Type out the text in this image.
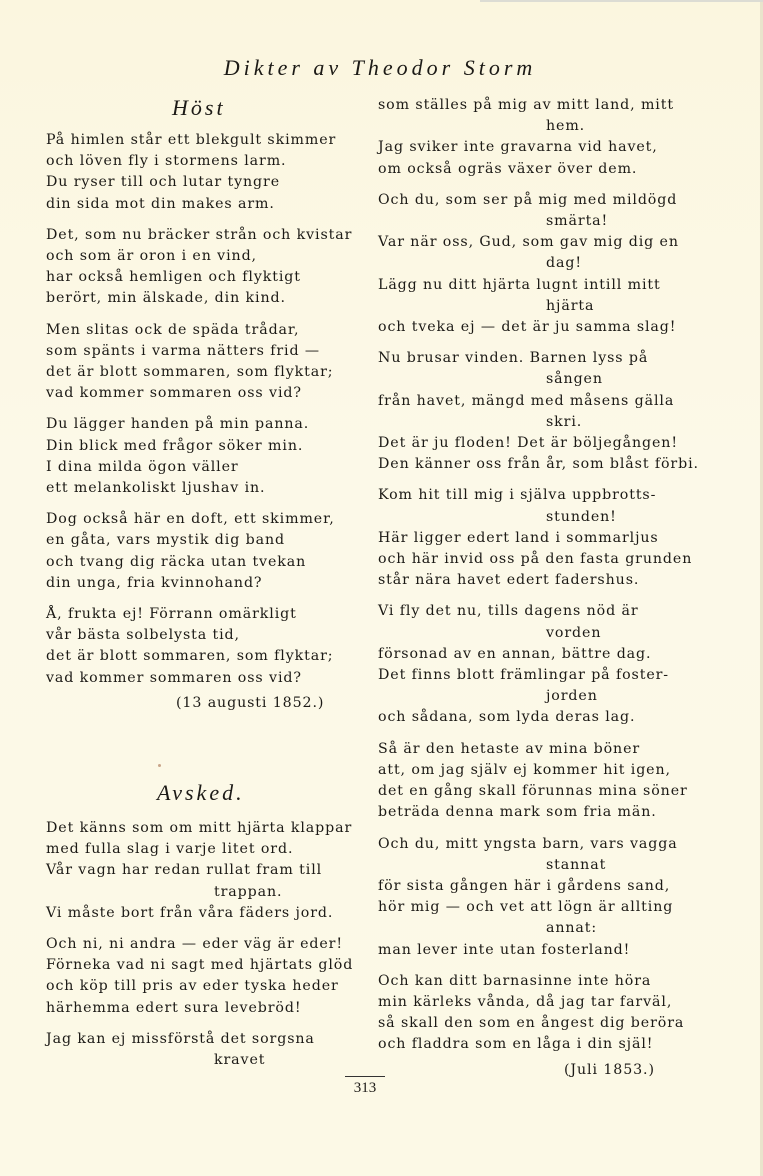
Dikter av Theodor Storm
Höst
På himlen står ett blekgult skimmer
och löven fly i stormens larm.
Du ryser till och lutar tyngre
din sida mot din makes arm.
Det, som nu bräcker strån och kvistar
och som är oron i en vind,
har också hemligen och flyktigt
berört, min älskade, din kind.
Men slitas ock de späda trådar,
som spänts i varma nätters frid —
det är blott sommaren, som flyktar;
vad kommer sommaren oss vid?
Du lägger handen på min panna.
Din blick med frågor söker min.
I dina milda ögon väller
ett melankoliskt ljushav in.
Dog också här en doft, ett skimmer,
en gåta, vars mystik dig band
och tvang dig räcka utan tvekan
din unga, fria kvinnohand?
Å, frukta ej! Förrann omärkligt
vår bästa solbelysta tid,
det är blott sommaren, som flyktar;
vad kommer sommaren oss vid?
(13 augusti 1852.)
Avsked.
Det känns som om mitt hjärta klappar
med fulla slag i varje litet ord.
Vår vagn har redan rullat fram till
trappan.
Vi måste bort från våra fäders jord.
Och ni, ni andra — eder väg är eder!
Förneka vad ni sagt med hjärtats glöd
och köp till pris av eder tyska heder
härhemma edert sura levebröd!
Jag kan ej missförstå det sorgsna
kravet
som ställes på mig av mitt land, mitt
hem.
Jag sviker inte gravarna vid havet,
om också ogräs växer över dem.
Och du, som ser på mig med mildögd
smärta!
Var när oss, Gud, som gav mig dig en
dag!
Lägg nu ditt hjärta lugnt intill mitt
hjärta
och tveka ej — det är ju samma slag!
Nu brusar vinden. Barnen lyss på
sången
från havet, mängd med måsens gälla
skri.
Det är ju floden! Det är böljegången!
Den känner oss från år, som blåst förbi.
Kom hit till mig i själva uppbrotts-
stunden!
Här ligger edert land i sommarljus
och här invid oss på den fasta grunden
står nära havet edert fadershus.
Vi fly det nu, tills dagens nöd är
vorden
försonad av en annan, bättre dag.
Det finns blott främlingar på foster-
jorden
och sådana, som lyda deras lag.
Så är den hetaste av mina böner
att, om jag själv ej kommer hit igen,
det en gång skall förunnas mina söner
beträda denna mark som fria män.
Och du, mitt yngsta barn, vars vagga
stannat
för sista gången här i gårdens sand,
hör mig — och vet att lögn är allting
annat:
man lever inte utan fosterland!
Och kan ditt barnasinne inte höra
min kärleks vånda, då jag tar farväl,
så skall den som en ångest dig beröra
och fladdra som en låga i din själ!
(Juli 1853.)
313
